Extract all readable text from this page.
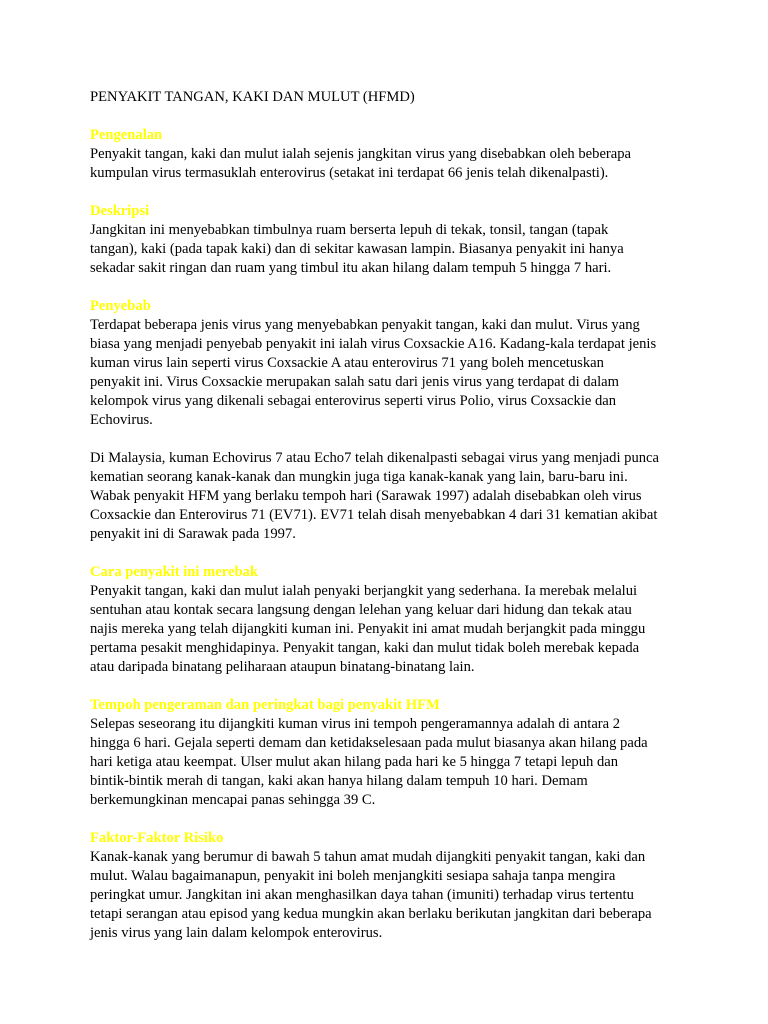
PENYAKIT TANGAN, KAKI DAN MULUT (HFMD)
Pengenalan

Penyakit tangan, kaki dan mulut ialah sejenis jangkitan virus yang disebabkan oleh beberapa
kumpulan virus termasuklah enterovirus (setakat ini terdapat 66 jenis telah dikenalpasti).

Deskripsi

Jangkitan ini menyebabkan timbulnya ruam berserta lepuh di tekak, tonsil, tangan (tapak
tangan), kaki (pada tapak kaki) dan di sekitar kawasan lampin. Biasanya penyakit ini hanya
sekadar sakit ringan dan ruam yang timbul itu akan hilang dalam tempuh 5 hingga 7 hari.

Penyebab

Terdapat beberapa jenis virus yang menyebabkan penyakit tangan, kaki dan mulut. Virus yang
biasa yang menjadi penyebab penyakit ini ialah virus Coxsackie A16. Kadang-kala terdapat jenis
kuman virus lain seperti virus Coxsackie A atau enterovirus 71 yang boleh mencetuskan
penyakit ini. Virus Coxsackie merupakan salah satu dari jenis virus yang terdapat di dalam
kelompok virus yang dikenali sebagai enterovirus seperti virus Polio, virus Coxsackie dan
Echovirus.

Di Malaysia, kuman Echovirus 7 atau Echo7 telah dikenalpasti sebagai virus yang menjadi punca
kematian seorang kanak-kanak dan mungkin juga tiga kanak-kanak yang lain, baru-baru ini.
Wabak penyakit HFM yang berlaku tempoh hari (Sarawak 1997) adalah disebabkan oleh virus
Coxsackie dan Enterovirus 71 (EV71). EV71 telah disah menyebabkan 4 dari 31 kematian akibat
penyakit ini di Sarawak pada 1997.

Cara penyakit ini merebak

Penyakit tangan, kaki dan mulut ialah penyaki berjangkit yang sederhana. Ia merebak melalui
sentuhan atau kontak secara langsung dengan lelehan yang keluar dari hidung dan tekak atau
najis mereka yang telah dijangkiti kuman ini. Penyakit ini amat mudah berjangkit pada minggu
pertama pesakit menghidapinya. Penyakit tangan, kaki dan mulut tidak boleh merebak kepada
atau daripada binatang peliharaan ataupun binatang-binatang lain.

Tempoh pengeraman dan peringkat bagi penyakit HFM

Selepas seseorang itu dijangkiti kuman virus ini tempoh pengeramannya adalah di antara 2
hingga 6 hari. Gejala seperti demam dan ketidakselesaan pada mulut biasanya akan hilang pada
hari ketiga atau keempat. Ulser mulut akan hilang pada hari ke 5 hingga 7 tetapi lepuh dan
bintik-bintik merah di tangan, kaki akan hanya hilang dalam tempuh 10 hari. Demam
berkemungkinan mencapai panas sehingga 39 C.

Faktor-Faktor Risiko

Kanak-kanak yang berumur di bawah 5 tahun amat mudah dijangkiti penyakit tangan, kaki dan
mulut. Walau bagaimanapun, penyakit ini boleh menjangkiti sesiapa sahaja tanpa mengira
peringkat umur. Jangkitan ini akan menghasilkan daya tahan (imuniti) terhadap virus tertentu
tetapi serangan atau episod yang kedua mungkin akan berlaku berikutan jangkitan dari beberapa
jenis virus yang lain dalam kelompok enterovirus.
